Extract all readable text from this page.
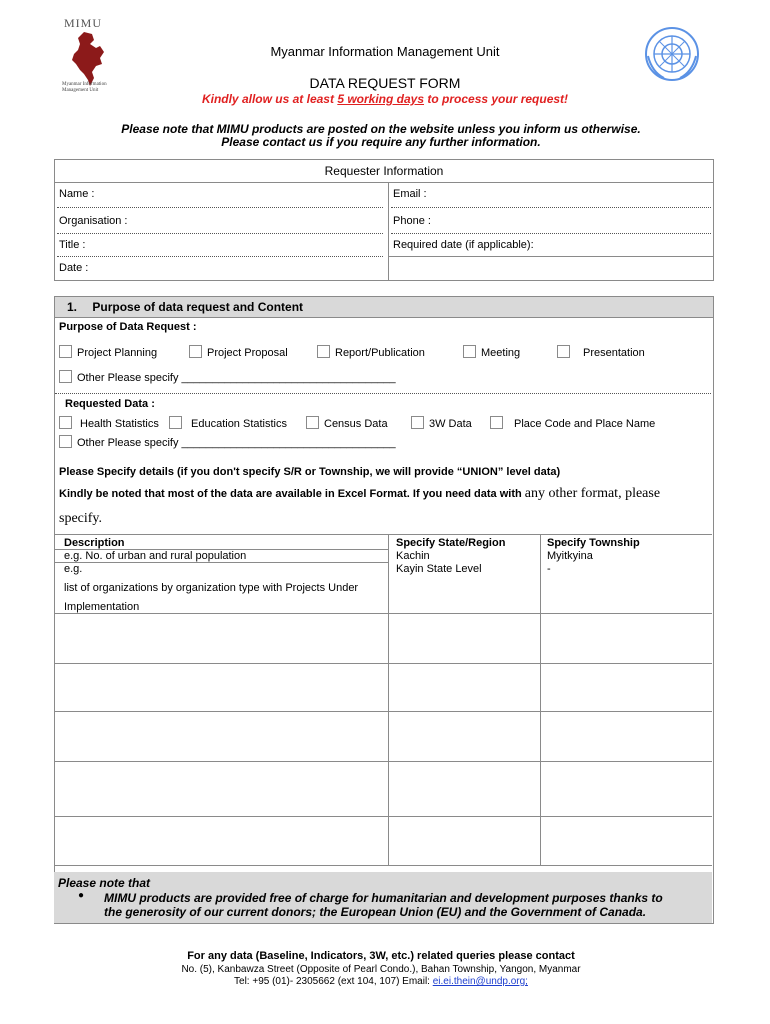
MIMU
Myanmar Information Management Unit
Myanmar Information Management Unit
DATA REQUEST FORM
Kindly allow us at least 5 working days to process your request!
Please note that MIMU products are posted on the website unless you inform us otherwise.
Please contact us if you require any further information.
Requester Information
Name :	Email :
Organisation :	Phone :
Title :	Required date (if applicable):
Date :
1. Purpose of data request and Content
Purpose of Data Request :
Project Planning	Project Proposal	Report/Publication	Meeting	Presentation
Other Please specify ___________________________________
Requested Data :
Health Statistics	Education Statistics	Census Data	3W Data	Place Code and Place Name
Other Please specify ___________________________________
Please Specify details (if you don't specify S/R or Township, we will provide “UNION” level data)
Kindly be noted that most of the data are available in Excel Format. If you need data with any other format, please
specify.
Description	Specify State/Region	Specify Township
e.g. No. of urban and rural population	Kachin	Myitkyina
e.g.
list of organizations by organization type with Projects Under
Implementation
Kayin State Level	-
Please note that
● MIMU products are provided free of charge for humanitarian and development purposes thanks to
the generosity of our current donors; the European Union (EU) and the Government of Canada.
For any data (Baseline, Indicators, 3W, etc.) related queries please contact
No. (5), Kanbawza Street (Opposite of Pearl Condo.), Bahan Township, Yangon, Myanmar
Tel: +95 (01)- 2305662 (ext 104, 107) Email: ei.ei.thein@undp.org;
